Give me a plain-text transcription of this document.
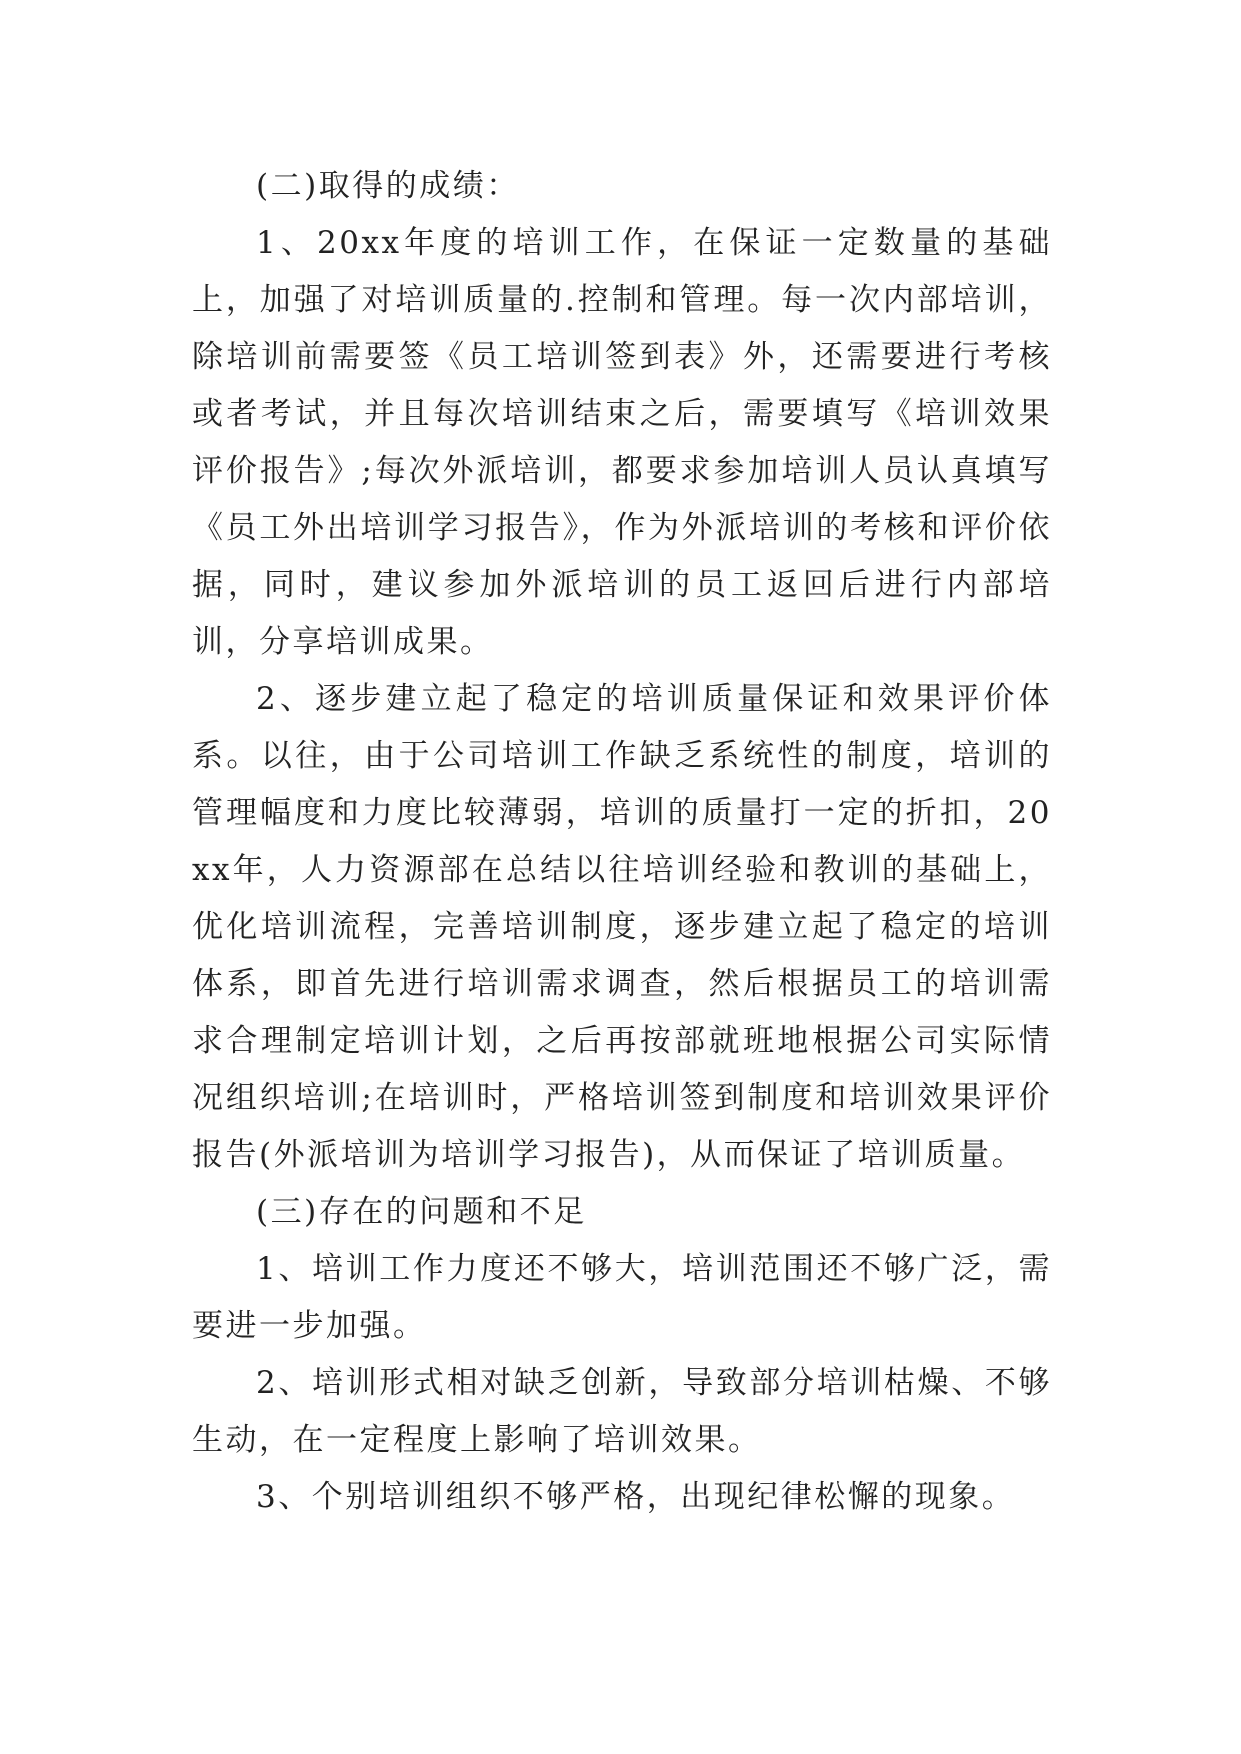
(二)取得的成绩：

1、20xx年度的培训工作，在保证一定数量的基础上，加强了对培训质量的.控制和管理。每一次内部培训，除培训前需要签《员工培训签到表》外，还需要进行考核或者考试，并且每次培训结束之后，需要填写《培训效果评价报告》;每次外派培训，都要求参加培训人员认真填写《员工外出培训学习报告》，作为外派培训的考核和评价依据，同时，建议参加外派培训的员工返回后进行内部培训，分享培训成果。

2、逐步建立起了稳定的培训质量保证和效果评价体系。以往，由于公司培训工作缺乏系统性的制度，培训的管理幅度和力度比较薄弱，培训的质量打一定的折扣，20xx年，人力资源部在总结以往培训经验和教训的基础上，优化培训流程，完善培训制度，逐步建立起了稳定的培训体系，即首先进行培训需求调查，然后根据员工的培训需求合理制定培训计划，之后再按部就班地根据公司实际情况组织培训;在培训时，严格培训签到制度和培训效果评价报告(外派培训为培训学习报告)，从而保证了培训质量。

(三)存在的问题和不足

1、培训工作力度还不够大，培训范围还不够广泛，需要进一步加强。

2、培训形式相对缺乏创新，导致部分培训枯燥、不够生动，在一定程度上影响了培训效果。

3、个别培训组织不够严格，出现纪律松懈的现象。
